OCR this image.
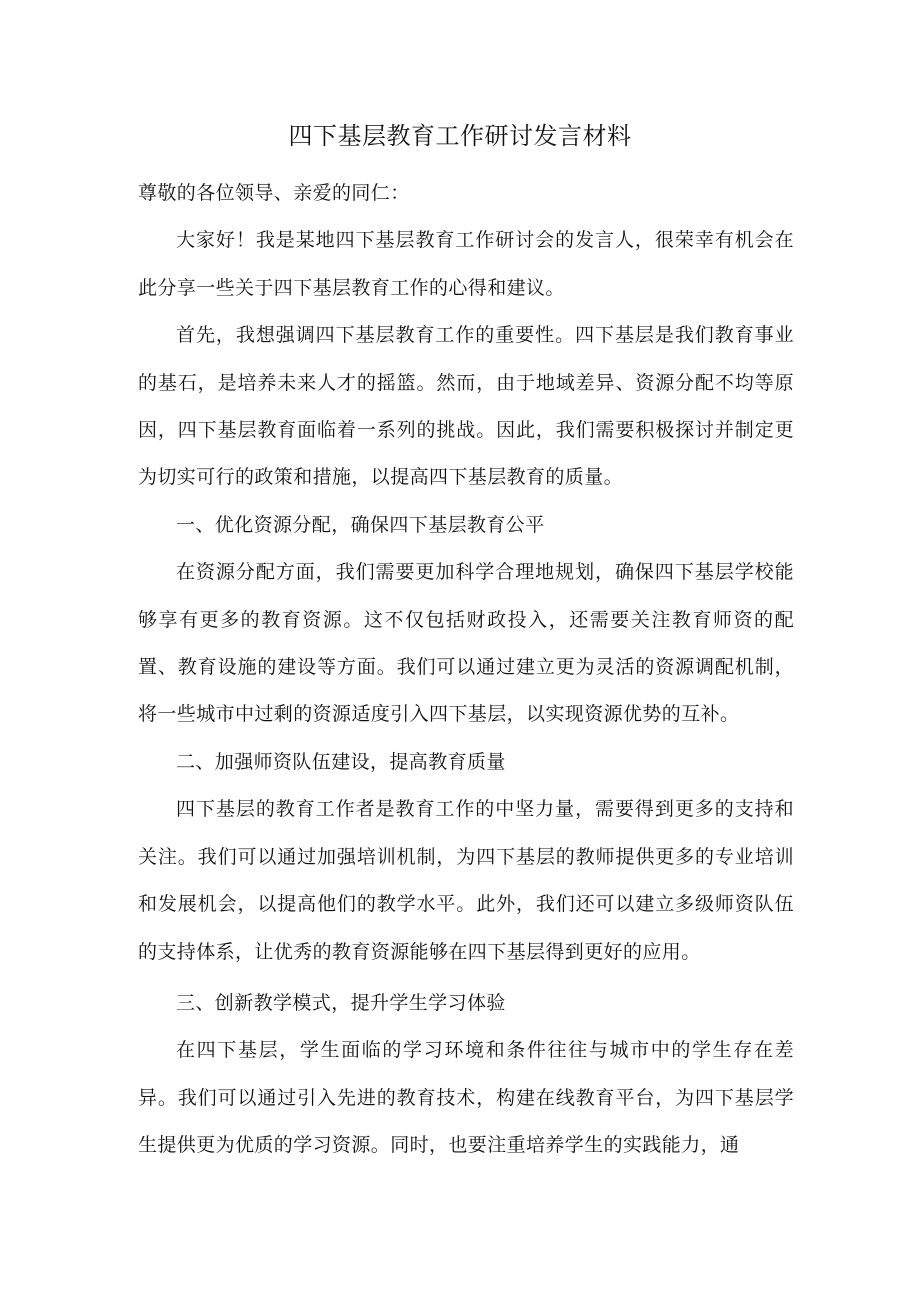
四下基层教育工作研讨发言材料

尊敬的各位领导、亲爱的同仁：

大家好！我是某地四下基层教育工作研讨会的发言人，很荣幸有机会在此分享一些关于四下基层教育工作的心得和建议。

首先，我想强调四下基层教育工作的重要性。四下基层是我们教育事业的基石，是培养未来人才的摇篮。然而，由于地域差异、资源分配不均等原因，四下基层教育面临着一系列的挑战。因此，我们需要积极探讨并制定更为切实可行的政策和措施，以提高四下基层教育的质量。

一、优化资源分配，确保四下基层教育公平

在资源分配方面，我们需要更加科学合理地规划，确保四下基层学校能够享有更多的教育资源。这不仅包括财政投入，还需要关注教育师资的配置、教育设施的建设等方面。我们可以通过建立更为灵活的资源调配机制，将一些城市中过剩的资源适度引入四下基层，以实现资源优势的互补。

二、加强师资队伍建设，提高教育质量

四下基层的教育工作者是教育工作的中坚力量，需要得到更多的支持和关注。我们可以通过加强培训机制，为四下基层的教师提供更多的专业培训和发展机会，以提高他们的教学水平。此外，我们还可以建立多级师资队伍的支持体系，让优秀的教育资源能够在四下基层得到更好的应用。

三、创新教学模式，提升学生学习体验

在四下基层，学生面临的学习环境和条件往往与城市中的学生存在差异。我们可以通过引入先进的教育技术，构建在线教育平台，为四下基层学生提供更为优质的学习资源。同时，也要注重培养学生的实践能力，通
